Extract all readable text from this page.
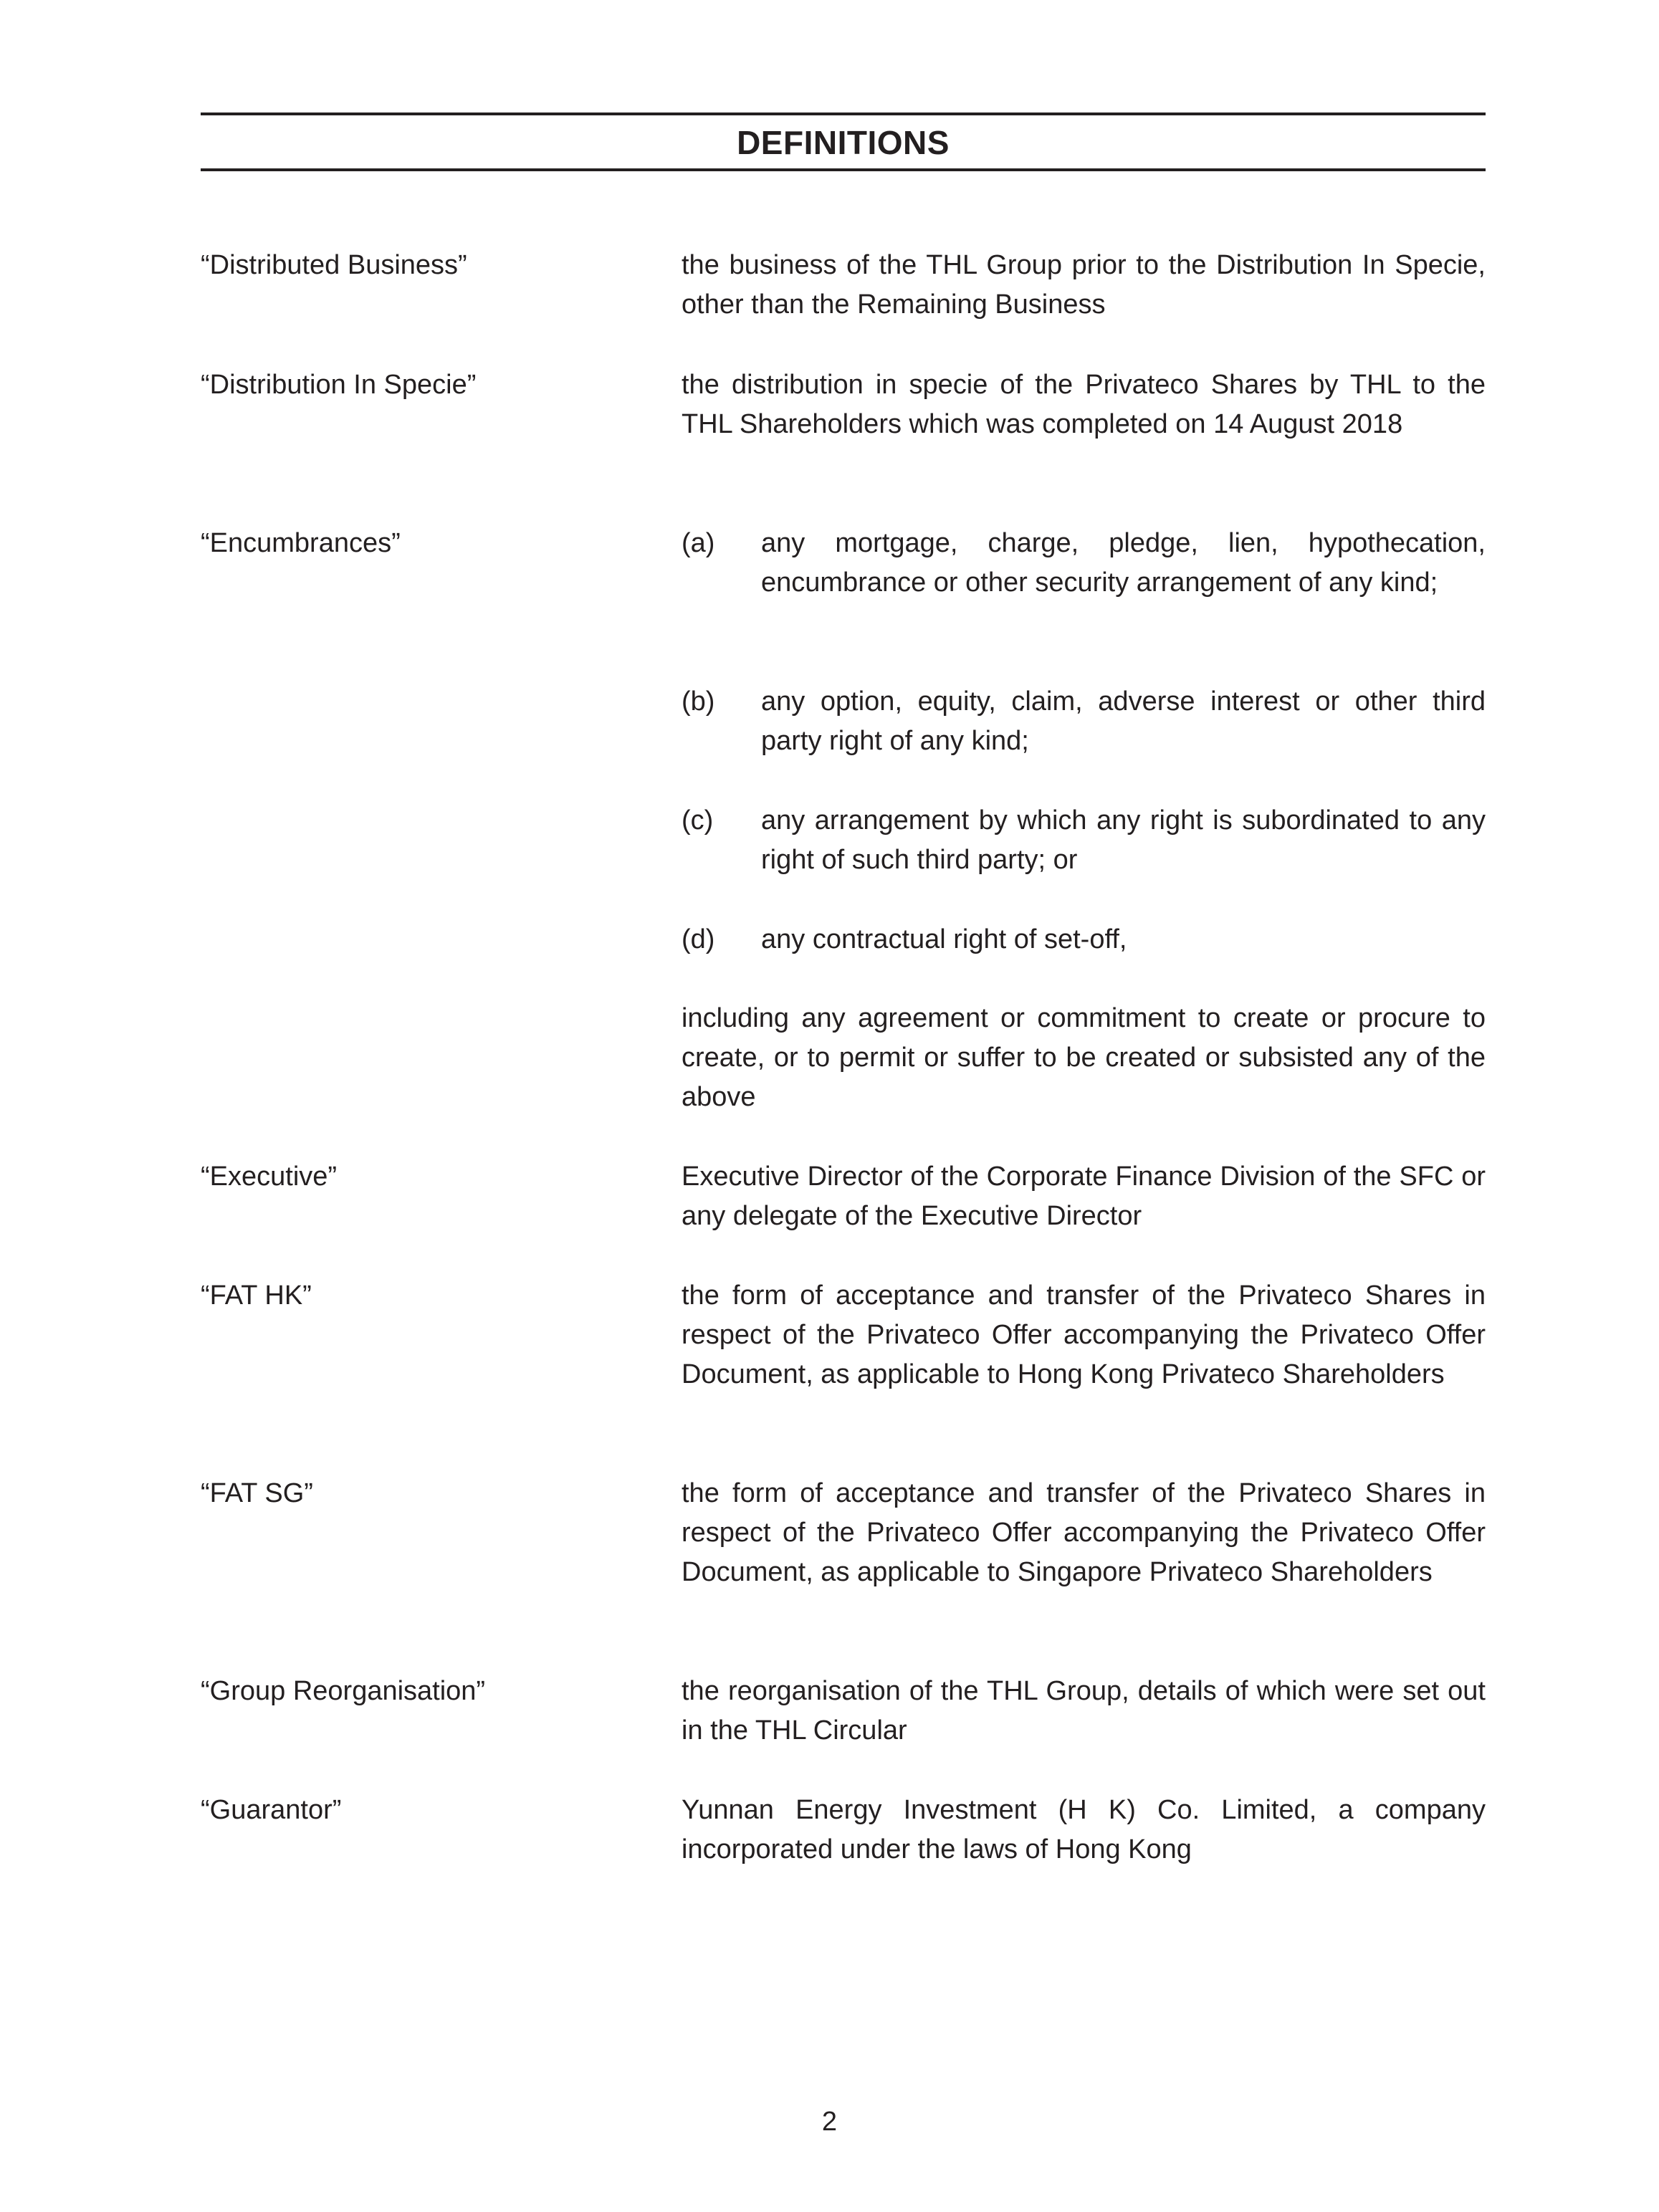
DEFINITIONS
“Distributed Business”	the business of the THL Group prior to the Distribution In Specie, other than the Remaining Business
“Distribution In Specie”	the distribution in specie of the Privateco Shares by THL to the THL Shareholders which was completed on 14 August 2018
“Encumbrances”	(a) any mortgage, charge, pledge, lien, hypothecation, encumbrance or other security arrangement of any kind;
(b) any option, equity, claim, adverse interest or other third party right of any kind;
(c) any arrangement by which any right is subordinated to any right of such third party; or
(d) any contractual right of set-off,
including any agreement or commitment to create or procure to create, or to permit or suffer to be created or subsisted any of the above
“Executive”	Executive Director of the Corporate Finance Division of the SFC or any delegate of the Executive Director
“FAT HK”	the form of acceptance and transfer of the Privateco Shares in respect of the Privateco Offer accompanying the Privateco Offer Document, as applicable to Hong Kong Privateco Shareholders
“FAT SG”	the form of acceptance and transfer of the Privateco Shares in respect of the Privateco Offer accompanying the Privateco Offer Document, as applicable to Singapore Privateco Shareholders
“Group Reorganisation”	the reorganisation of the THL Group, details of which were set out in the THL Circular
“Guarantor”	Yunnan Energy Investment (H K) Co. Limited, a company incorporated under the laws of Hong Kong
2
